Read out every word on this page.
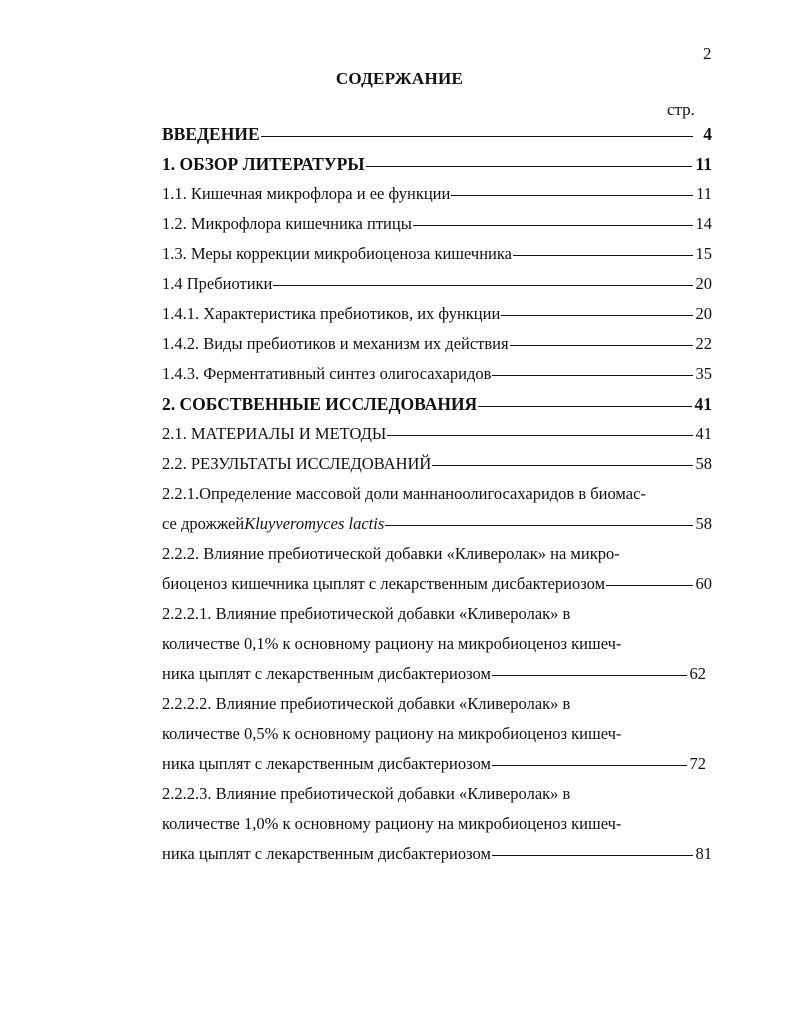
2
СОДЕРЖАНИЕ
стр.
ВВЕДЕНИЕ	4
1. ОБЗОР ЛИТЕРАТУРЫ	11
1.1. Кишечная микрофлора и ее функции	11
1.2. Микрофлора кишечника птицы	14
1.3. Меры коррекции микробиоценоза кишечника	15
1.4 Пребиотики	20
1.4.1. Характеристика пребиотиков, их функции	20
1.4.2. Виды пребиотиков и механизм их действия	22
1.4.3. Ферментативный синтез олигосахаридов	35
2. СОБСТВЕННЫЕ ИССЛЕДОВАНИЯ	41
2.1. МАТЕРИАЛЫ И МЕТОДЫ	41
2.2. РЕЗУЛЬТАТЫ ИССЛЕДОВАНИЙ	58
2.2.1.Определение массовой доли маннаноолигосахаридов в биомас-
се дрожжей Kluyveromyces lactis	58
2.2.2. Влияние пребиотической добавки «Кливеролак» на микро-
биоценоз кишечника цыплят с лекарственным дисбактериозом	60
2.2.2.1. Влияние пребиотической добавки «Кливеролак» в
количестве 0,1% к основному рациону на микробиоценоз кишеч-
ника цыплят с лекарственным дисбактериозом	62
2.2.2.2. Влияние пребиотической добавки «Кливеролак» в
количестве 0,5% к основному рациону на микробиоценоз кишеч-
ника цыплят с лекарственным дисбактериозом	72
2.2.2.3. Влияние пребиотической добавки «Кливеролак» в
количестве 1,0% к основному рациону на микробиоценоз кишеч-
ника цыплят с лекарственным дисбактериозом	81
